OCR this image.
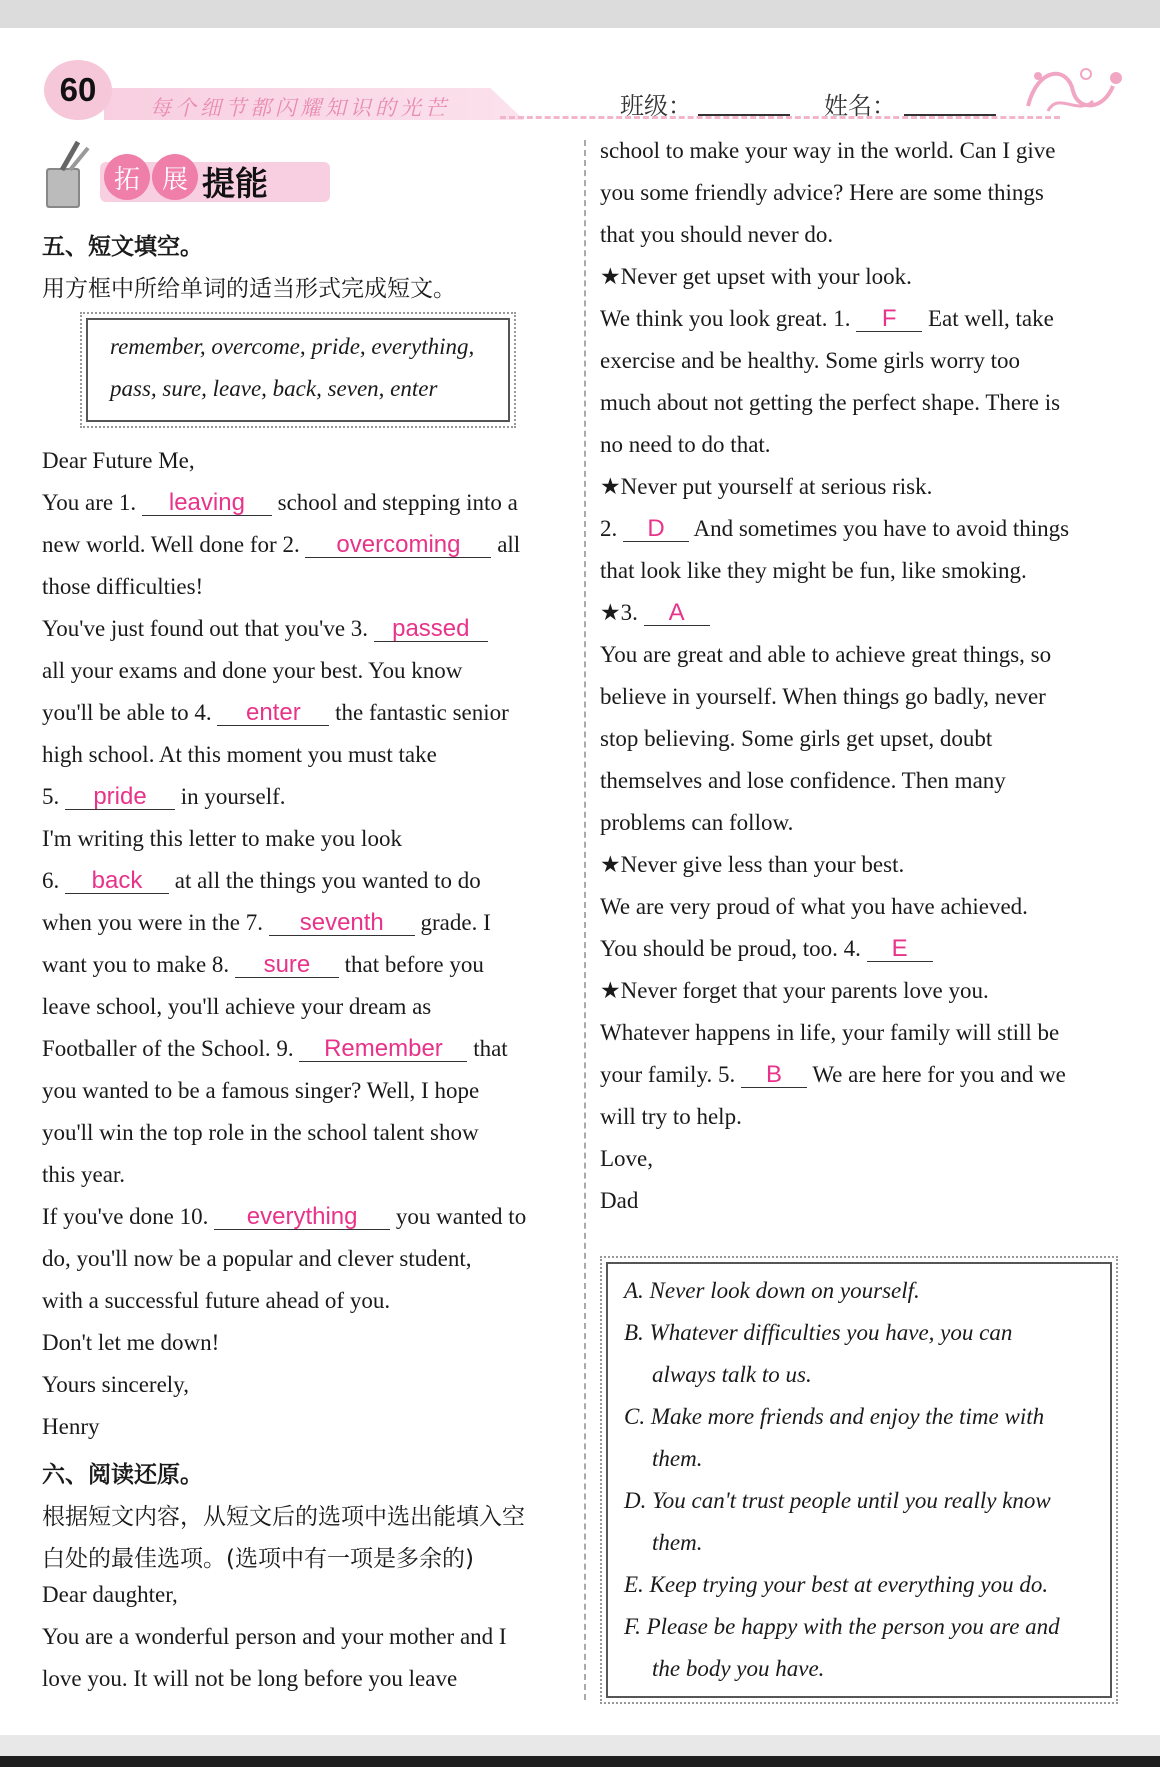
60	每个细节都闪耀知识的光芒	班级：	姓名：
拓 展 提能
五、短文填空。
用方框中所给单词的适当形式完成短文。
remember, overcome, pride, everything,
pass, sure, leave, back, seven, enter
Dear Future Me,
You are 1. leaving school and stepping into a
new world. Well done for 2. overcoming all
those difficulties!
You've just found out that you've 3. passed
all your exams and done your best. You know
you'll be able to 4. enter the fantastic senior
high school. At this moment you must take
5. pride in yourself.
I'm writing this letter to make you look
6. back at all the things you wanted to do
when you were in the 7. seventh grade. I
want you to make 8. sure that before you
leave school, you'll achieve your dream as
Footballer of the School. 9. Remember that
you wanted to be a famous singer? Well, I hope
you'll win the top role in the school talent show
this year.
If you've done 10. everything you wanted to
do, you'll now be a popular and clever student,
with a successful future ahead of you.
Don't let me down!
Yours sincerely,
Henry
六、阅读还原。
根据短文内容，从短文后的选项中选出能填入空
白处的最佳选项。(选项中有一项是多余的)
Dear daughter,
You are a wonderful person and your mother and I
love you. It will not be long before you leave
school to make your way in the world. Can I give
you some friendly advice? Here are some things
that you should never do.
★Never get upset with your look.
We think you look great. 1. F Eat well, take
exercise and be healthy. Some girls worry too
much about not getting the perfect shape. There is
no need to do that.
★Never put yourself at serious risk.
2. D And sometimes you have to avoid things
that look like they might be fun, like smoking.
★3. A
You are great and able to achieve great things, so
believe in yourself. When things go badly, never
stop believing. Some girls get upset, doubt
themselves and lose confidence. Then many
problems can follow.
★Never give less than your best.
We are very proud of what you have achieved.
You should be proud, too. 4. E
★Never forget that your parents love you.
Whatever happens in life, your family will still be
your family. 5. B We are here for you and we
will try to help.
Love,
Dad
A. Never look down on yourself.
B. Whatever difficulties you have, you can
always talk to us.
C. Make more friends and enjoy the time with
them.
D. You can't trust people until you really know
them.
E. Keep trying your best at everything you do.
F. Please be happy with the person you are and
the body you have.
